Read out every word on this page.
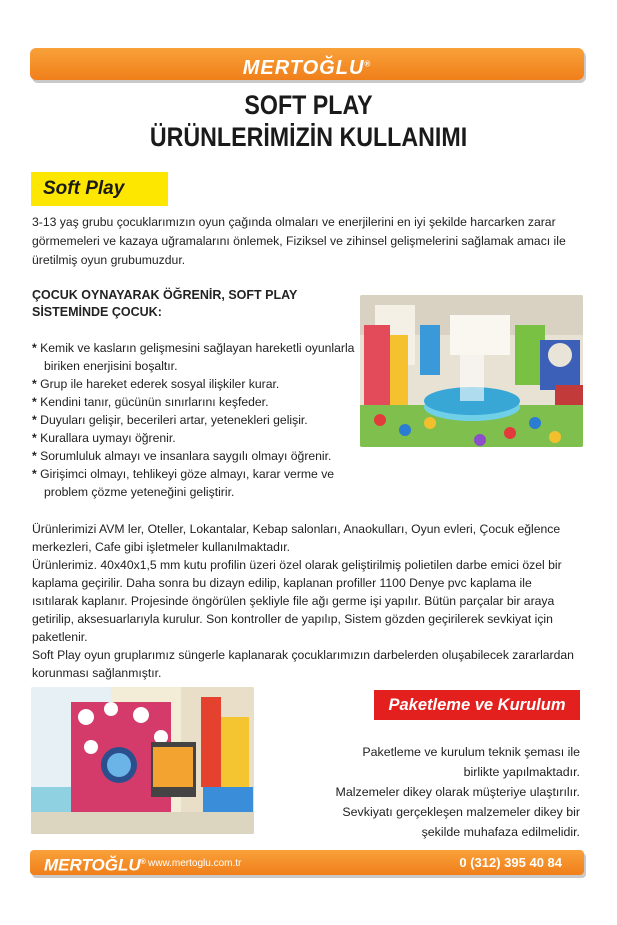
MERTOĞLU®
SOFT PLAY
ÜRÜNLERİMİZİN KULLANIMI
Soft Play
3-13 yaş grubu çocuklarımızın oyun çağında olmaları ve enerjilerini en iyi şekilde harcarken zarar görmemeleri ve kazaya uğramalarını önlemek, Fiziksel ve zihinsel gelişmelerini sağlamak amacı ile üretilmiş oyun grubumuzdur.
ÇOCUK OYNAYARAK ÖĞRENİR, SOFT PLAY
SİSTEMİNDE ÇOCUK:
* Kemik ve kasların gelişmesini sağlayan hareketli oyunlarla biriken enerjisini boşaltır.
* Grup ile hareket ederek sosyal ilişkiler kurar.
* Kendini tanır, gücünün sınırlarını keşfeder.
* Duyuları gelişir, becerileri artar, yetenekleri gelişir.
* Kurallara uymayı öğrenir.
* Sorumluluk almayı ve insanlara saygılı olmayı öğrenir.
* Girişimci olmayı, tehlikeyi göze almayı, karar verme ve problem çözme yeteneğini geliştirir.
Ürünlerimizi AVM ler, Oteller, Lokantalar, Kebap salonları, Anaokulları, Oyun evleri, Çocuk eğlence merkezleri, Cafe gibi işletmeler kullanılmaktadır.
Ürünlerimiz. 40x40x1,5 mm kutu profilin üzeri özel olarak geliştirilmiş polietilen darbe emici özel bir kaplama geçirilir. Daha sonra bu dizayn edilip, kaplanan profiller 1100 Denye pvc kaplama ile ısıtılarak kaplanır. Projesinde öngörülen şekliyle file ağı germe işi yapılır. Bütün parçalar bir araya getirilip, aksesuarlarıyla kurulur. Son kontroller de yapılıp, Sistem gözden geçirilerek sevkiyat için paketlenir.
Soft Play oyun gruplarımız süngerle kaplanarak çocuklarımızın darbelerden oluşabilecek zararlardan korunması sağlanmıştır.
Paketleme ve Kurulum
Paketleme ve kurulum teknik şeması ile
birlikte yapılmaktadır.
Malzemeler dikey olarak müşteriye ulaştırılır.
Sevkiyatı gerçekleşen malzemeler dikey bir
şekilde muhafaza edilmelidir.
MERTOĞLU® www.mertoglu.com.tr	0 (312) 395 40 84
